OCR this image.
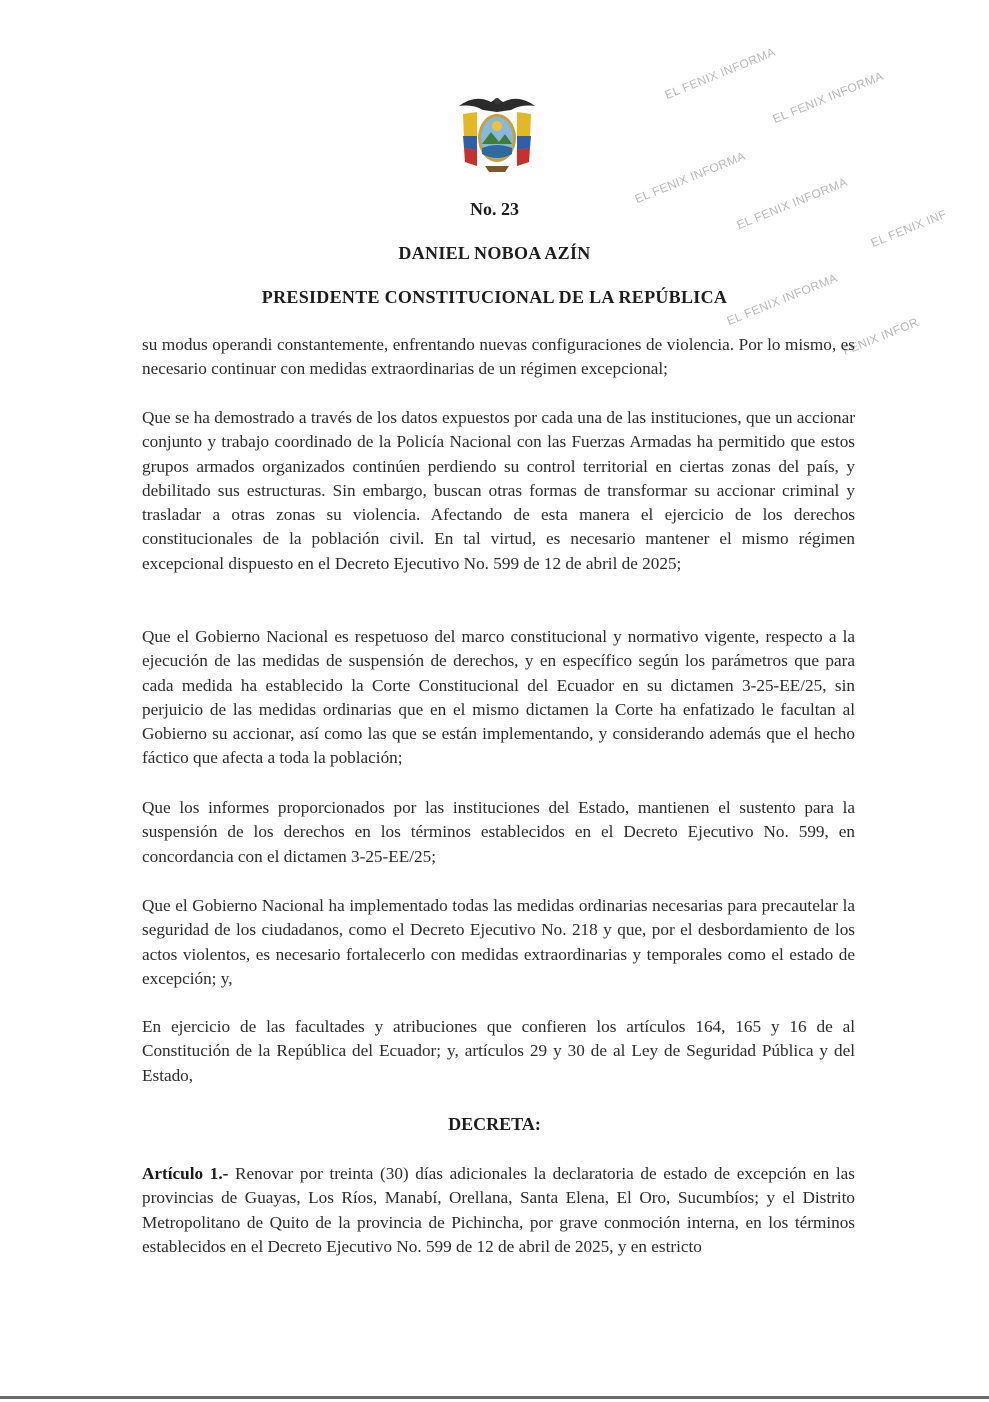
No. 23
DANIEL NOBOA AZÍN
PRESIDENTE CONSTITUCIONAL DE LA REPÚBLICA
EL FENIX INFORMA
EL FENIX INFORMA
EL FENIX INFORMA
EL FENIX INFORMA EL FENIX INF
EL FENIX INFORMA
FENIX INFOR

su modus operandi constantemente, enfrentando nuevas configuraciones de violencia. Por lo mismo, es necesario continuar con medidas extraordinarias de un régimen excepcional;

Que se ha demostrado a través de los datos expuestos por cada una de las instituciones, que un accionar conjunto y trabajo coordinado de la Policía Nacional con las Fuerzas Armadas ha permitido que estos grupos armados organizados continúen perdiendo su control territorial en ciertas zonas del país, y debilitado sus estructuras. Sin embargo, buscan otras formas de transformar su accionar criminal y trasladar a otras zonas su violencia. Afectando de esta manera el ejercicio de los derechos constitucionales de la población civil. En tal virtud, es necesario mantener el mismo régimen excepcional dispuesto en el Decreto Ejecutivo No. 599 de 12 de abril de 2025;

Que el Gobierno Nacional es respetuoso del marco constitucional y normativo vigente, respecto a la ejecución de las medidas de suspensión de derechos, y en específico según los parámetros que para cada medida ha establecido la Corte Constitucional del Ecuador en su dictamen 3-25-EE/25, sin perjuicio de las medidas ordinarias que en el mismo dictamen la Corte ha enfatizado le facultan al Gobierno su accionar, así como las que se están implementando, y considerando además que el hecho fáctico que afecta a toda la población;

Que los informes proporcionados por las instituciones del Estado, mantienen el sustento para la suspensión de los derechos en los términos establecidos en el Decreto Ejecutivo No. 599, en concordancia con el dictamen 3-25-EE/25;

Que el Gobierno Nacional ha implementado todas las medidas ordinarias necesarias para precautelar la seguridad de los ciudadanos, como el Decreto Ejecutivo No. 218 y que, por el desbordamiento de los actos violentos, es necesario fortalecerlo con medidas extraordinarias y temporales como el estado de excepción; y,

En ejercicio de las facultades y atribuciones que confieren los artículos 164, 165 y 16 de al Constitución de la República del Ecuador; y, artículos 29 y 30 de al Ley de Seguridad Pública y del Estado,

DECRETA:

Artículo 1.- Renovar por treinta (30) días adicionales la declaratoria de estado de excepción en las provincias de Guayas, Los Ríos, Manabí, Orellana, Santa Elena, El Oro, Sucumbíos; y el Distrito Metropolitano de Quito de la provincia de Pichincha, por grave conmoción interna, en los términos establecidos en el Decreto Ejecutivo No. 599 de 12 de abril de 2025, y en estricto
